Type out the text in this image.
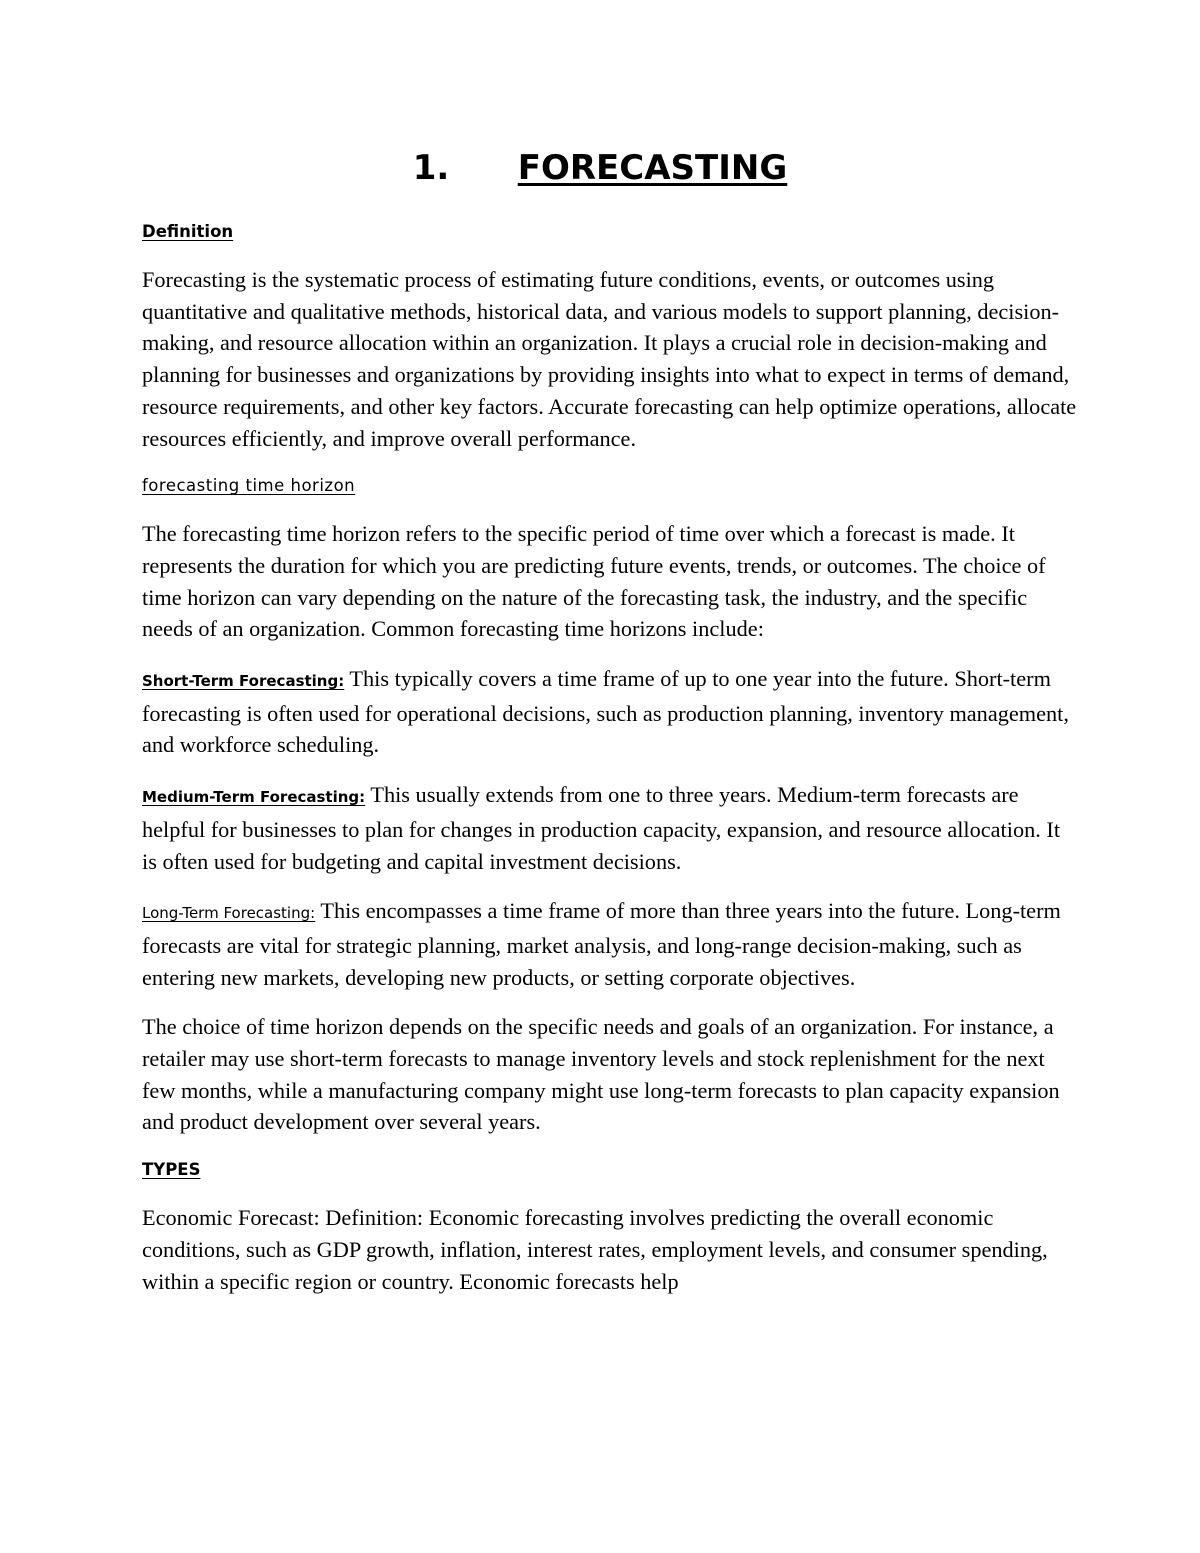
1. FORECASTING
Definition

Forecasting is the systematic process of estimating future conditions, events, or outcomes using quantitative and qualitative methods, historical data, and various models to support planning, decision-making, and resource allocation within an organization. It plays a crucial role in decision-making and planning for businesses and organizations by providing insights into what to expect in terms of demand, resource requirements, and other key factors. Accurate forecasting can help optimize operations, allocate resources efficiently, and improve overall performance.

forecasting time horizon

The forecasting time horizon refers to the specific period of time over which a forecast is made. It represents the duration for which you are predicting future events, trends, or outcomes. The choice of time horizon can vary depending on the nature of the forecasting task, the industry, and the specific needs of an organization. Common forecasting time horizons include:

Short-Term Forecasting: This typically covers a time frame of up to one year into the future. Short-term forecasting is often used for operational decisions, such as production planning, inventory management, and workforce scheduling.

Medium-Term Forecasting: This usually extends from one to three years. Medium-term forecasts are helpful for businesses to plan for changes in production capacity, expansion, and resource allocation. It is often used for budgeting and capital investment decisions.

Long-Term Forecasting: This encompasses a time frame of more than three years into the future. Long-term forecasts are vital for strategic planning, market analysis, and long-range decision-making, such as entering new markets, developing new products, or setting corporate objectives.

The choice of time horizon depends on the specific needs and goals of an organization. For instance, a retailer may use short-term forecasts to manage inventory levels and stock replenishment for the next few months, while a manufacturing company might use long-term forecasts to plan capacity expansion and product development over several years.

TYPES

Economic Forecast: Definition: Economic forecasting involves predicting the overall economic conditions, such as GDP growth, inflation, interest rates, employment levels, and consumer spending, within a specific region or country. Economic forecasts help
